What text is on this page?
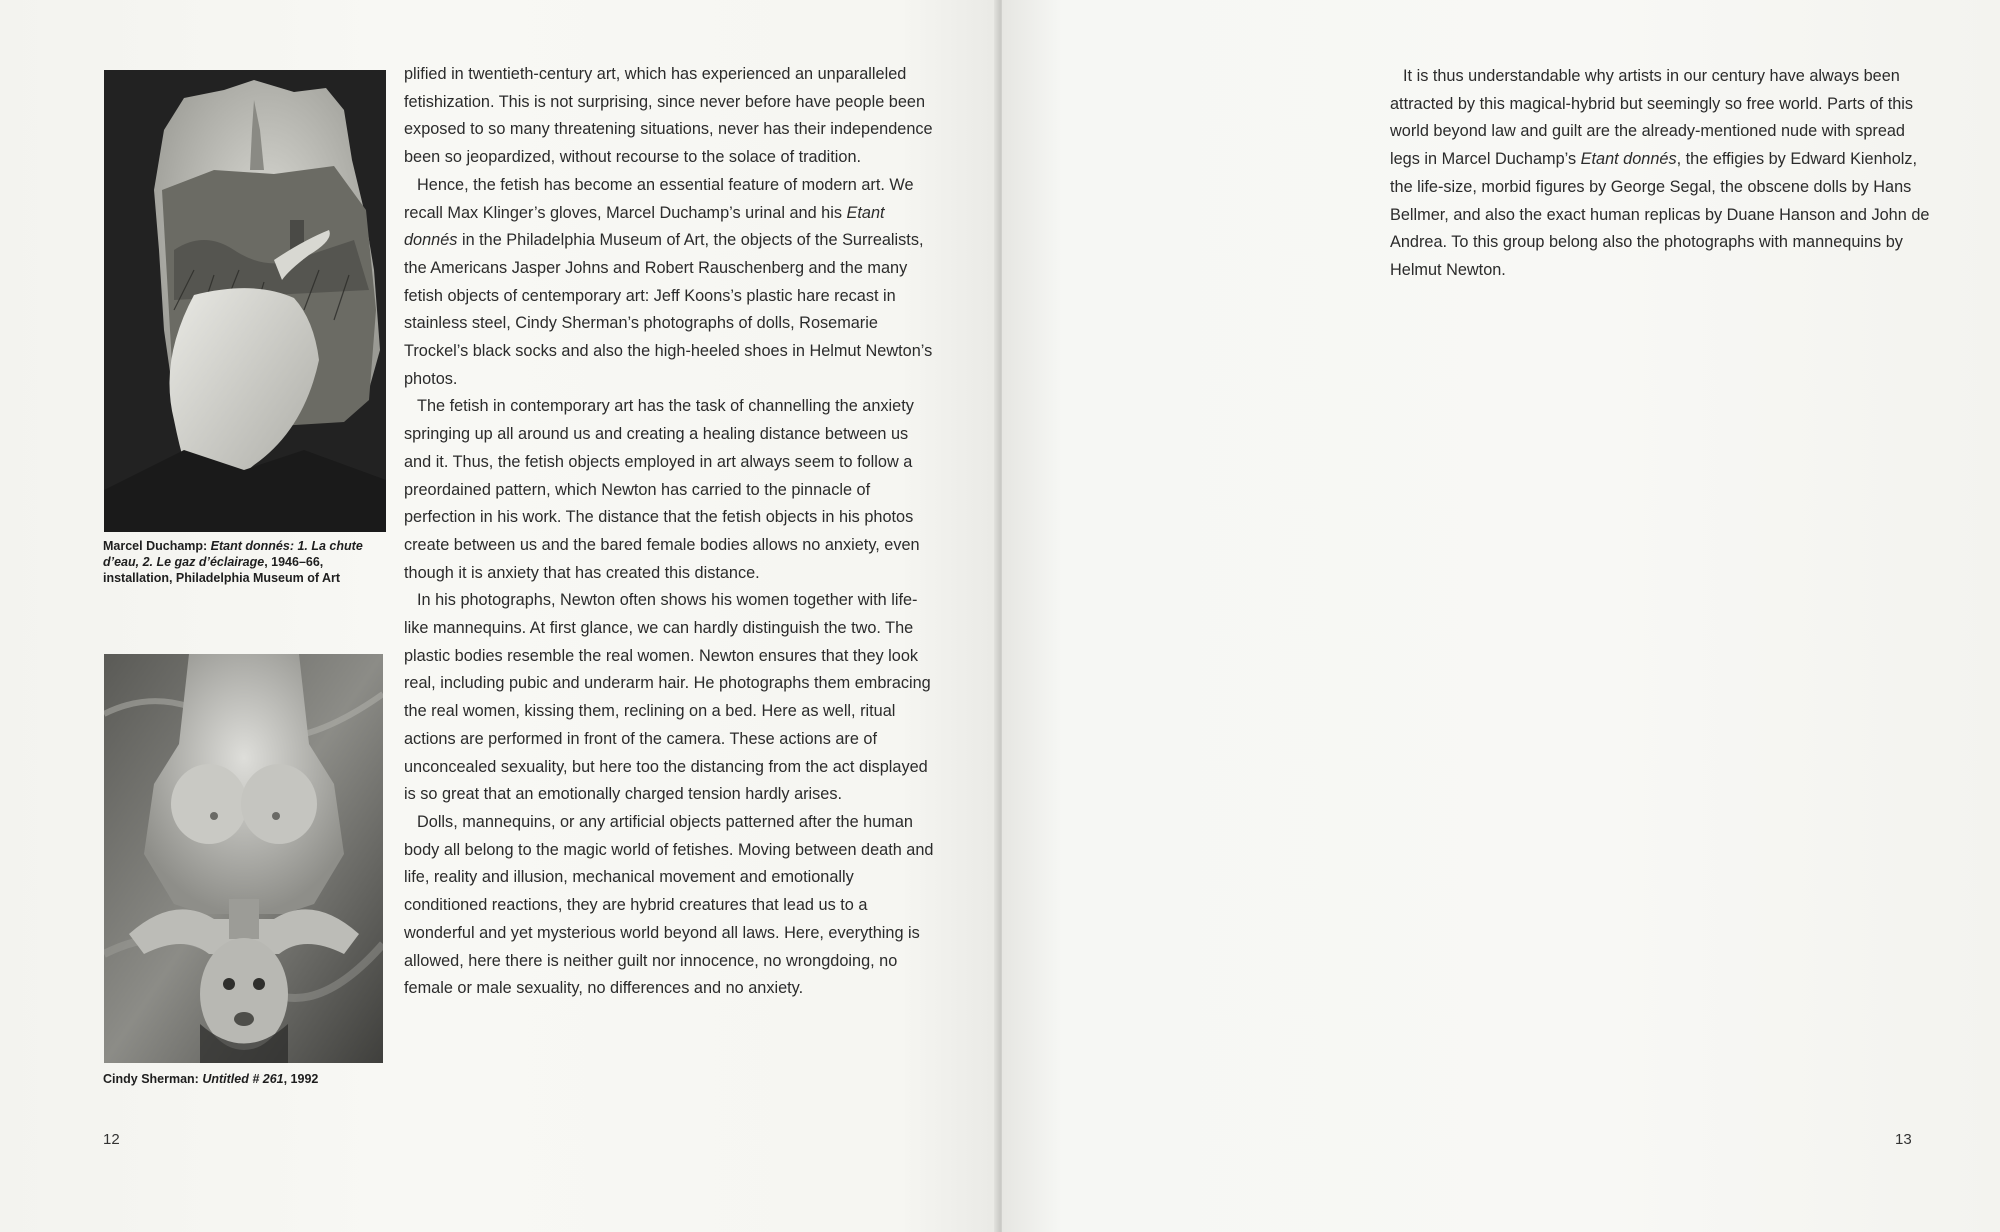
Marcel Duchamp: Etant donnés: 1. La chute d’eau, 2. Le gaz d’éclairage, 1946–66, installation, Philadelphia Museum of Art
Cindy Sherman: Untitled # 261, 1992

plified in twentieth-century art, which has experienced an unparalleled fetishization. This is not surprising, since never before have people been exposed to so many threatening situations, never has their independence been so jeopardized, without recourse to the solace of tradition.

Hence, the fetish has become an essential feature of modern art. We recall Max Klinger’s gloves, Marcel Duchamp’s urinal and his Etant donnés in the Philadelphia Museum of Art, the objects of the Surrealists, the Americans Jasper Johns and Robert Rauschenberg and the many fetish objects of centemporary art: Jeff Koons’s plastic hare recast in stainless steel, Cindy Sherman’s photographs of dolls, Rosemarie Trockel’s black socks and also the high-heeled shoes in Helmut Newton’s photos.

The fetish in contemporary art has the task of channelling the anxiety springing up all around us and creating a healing distance between us and it. Thus, the fetish objects employed in art always seem to follow a preordained pattern, which Newton has carried to the pinnacle of perfection in his work. The distance that the fetish objects in his photos create between us and the bared female bodies allows no anxiety, even though it is anxiety that has created this distance.

In his photographs, Newton often shows his women together with life-like mannequins. At first glance, we can hardly distinguish the two. The plastic bodies resemble the real women. Newton ensures that they look real, including pubic and underarm hair. He photographs them embracing the real women, kissing them, reclining on a bed. Here as well, ritual actions are performed in front of the camera. These actions are of unconcealed sexuality, but here too the distancing from the act displayed is so great that an emotionally charged tension hardly arises.

Dolls, mannequins, or any artificial objects patterned after the human body all belong to the magic world of fetishes. Moving between death and life, reality and illusion, mechanical movement and emotionally conditioned reactions, they are hybrid creatures that lead us to a wonderful and yet mysterious world beyond all laws. Here, everything is allowed, here there is neither guilt nor innocence, no wrongdoing, no female or male sexuality, no differences and no anxiety.

12

It is thus understandable why artists in our century have always been attracted by this magical-hybrid but seemingly so free world. Parts of this world beyond law and guilt are the already-mentioned nude with spread legs in Marcel Duchamp’s Etant donnés, the effigies by Edward Kienholz, the life-size, morbid figures by George Segal, the obscene dolls by Hans Bellmer, and also the exact human replicas by Duane Hanson and John de Andrea. To this group belong also the photographs with mannequins by Helmut Newton.

13
